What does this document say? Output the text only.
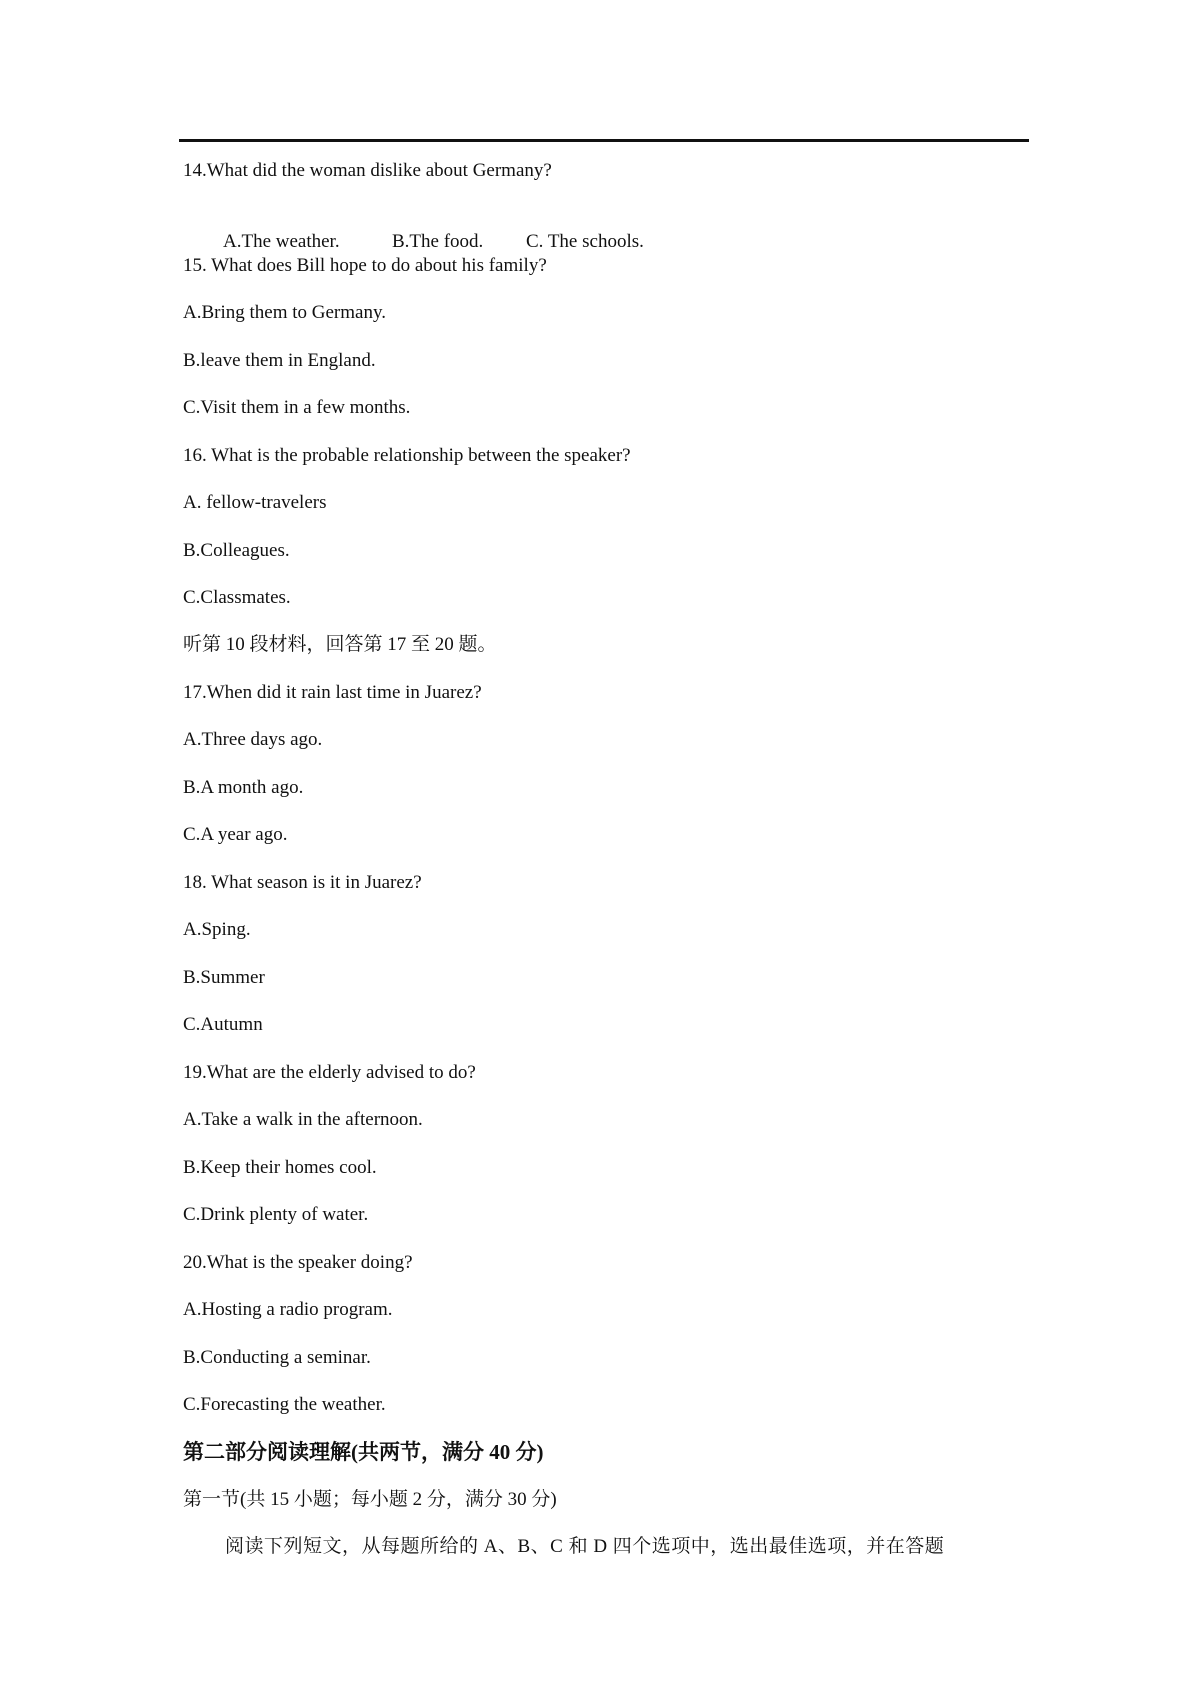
14.What did the woman dislike about Germany?

A.The weather.	B.The food. C. The schools.

15. What does Bill hope to do about his family?
A.Bring them to Germany.
B.leave them in England.
C.Visit them in a few months.
16. What is the probable relationship between the speaker?
A. fellow-travelers
B.Colleagues.
C.Classmates.
听第 10 段材料，回答第 17 至 20 题。
17.When did it rain last time in Juarez?
A.Three days ago.
B.A month ago.
C.A year ago.
18. What season is it in Juarez?
A.Sping.
B.Summer
C.Autumn
19.What are the elderly advised to do?
A.Take a walk in the afternoon.
B.Keep their homes cool.
C.Drink plenty of water.
20.What is the speaker doing?
A.Hosting a radio program.
B.Conducting a seminar.
C.Forecasting the weather.
第二部分阅读理解(共两节，满分 40 分)
第一节(共 15 小题；每小题 2 分，满分 30 分)
阅读下列短文，从每题所给的 A、B、C 和 D 四个选项中，选出最佳选项，并在答题
